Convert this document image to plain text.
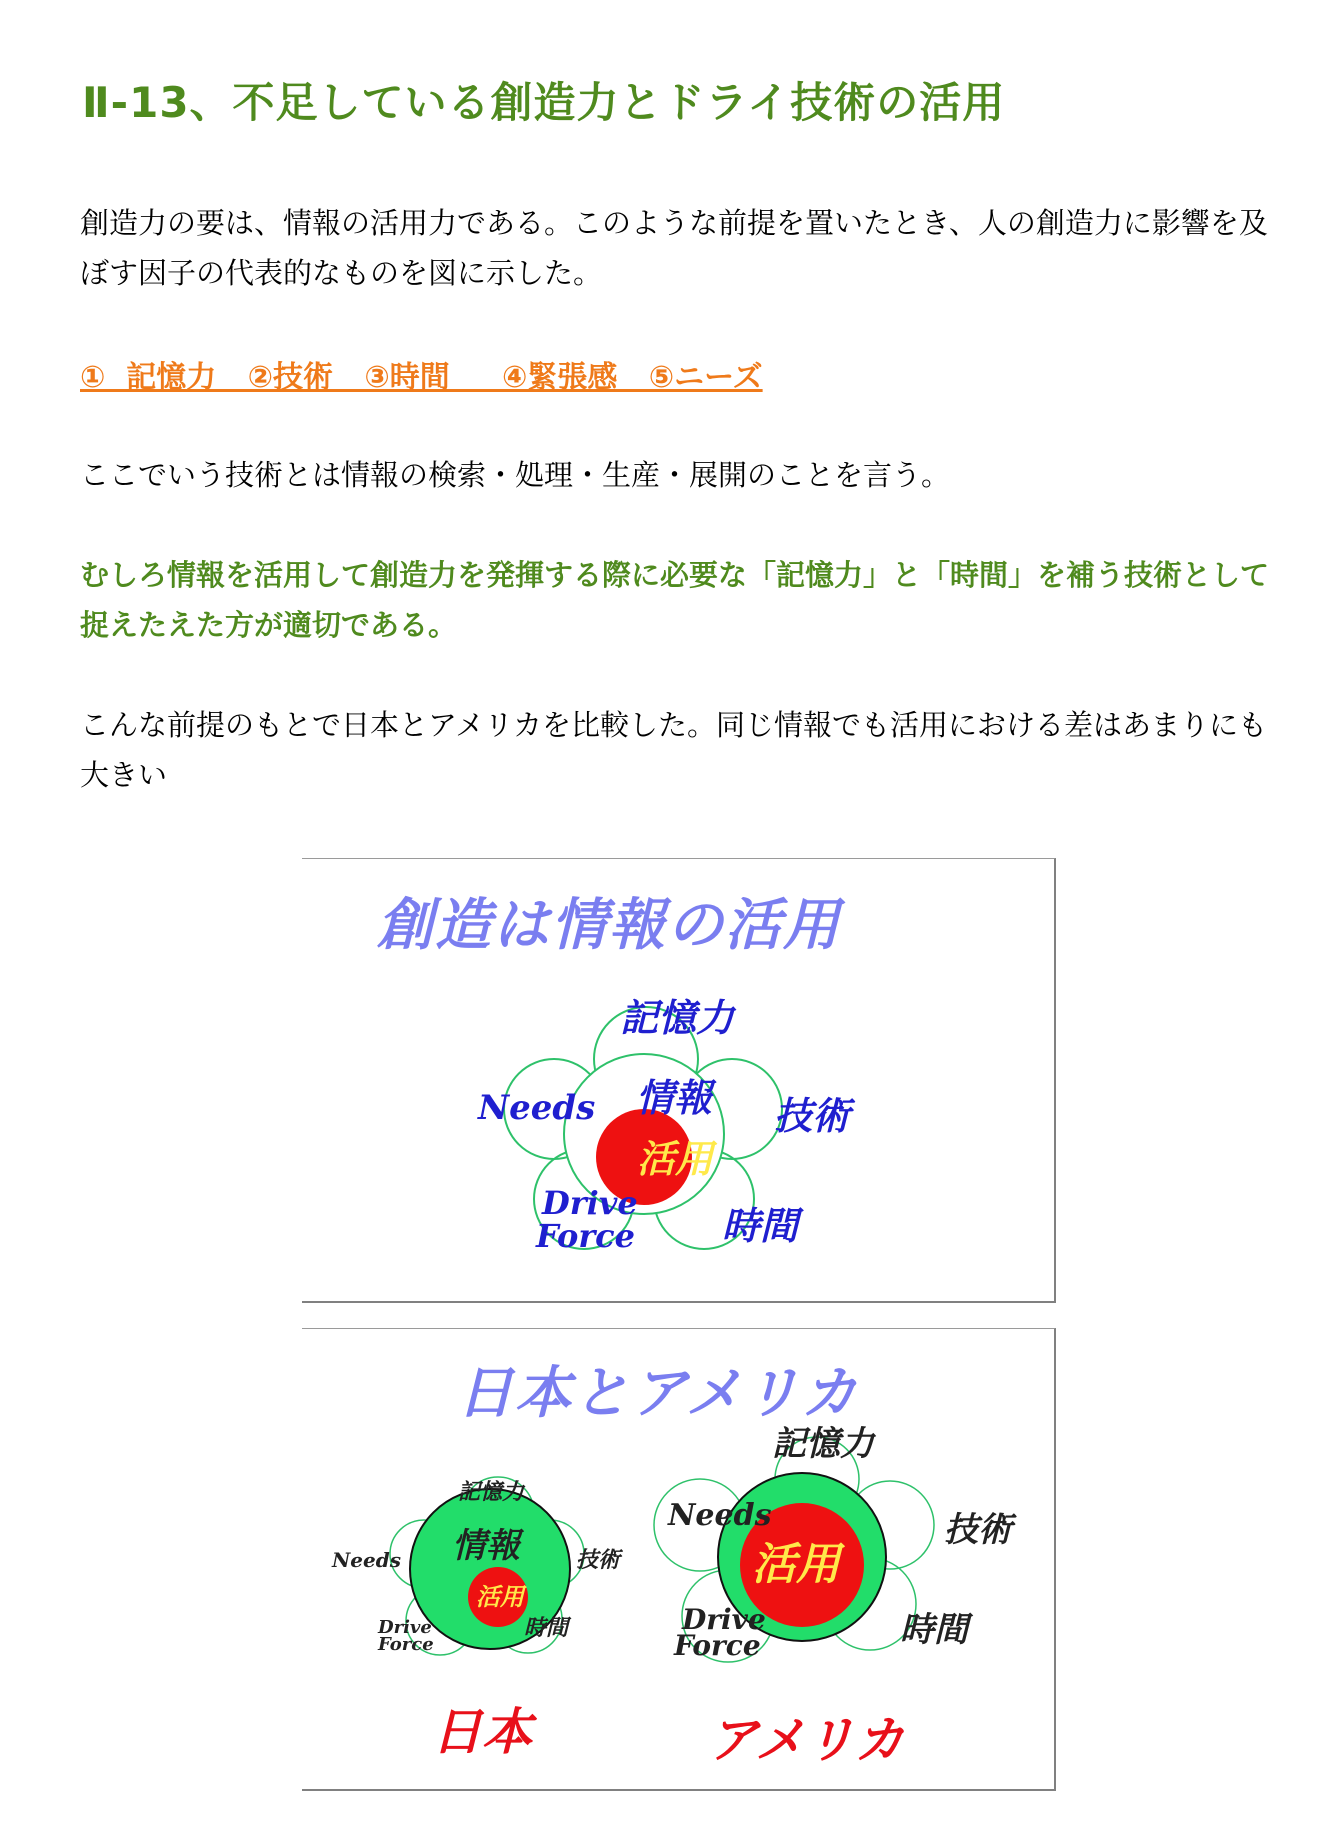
Ⅱ-13、不足している創造力とドライ技術の活用
創造力の要は、情報の活用力である。このような前提を置いたとき、人の創造力に影響を及ぼす因子の代表的なものを図に示した。
①  記憶力   ②技術   ③時間     ④緊張感   ⑤ニーズ
ここでいう技術とは情報の検索・処理・生産・展開のことを言う。
むしろ情報を活用して創造力を発揮する際に必要な「記憶力」と「時間」を補う技術として捉えたえた方が適切である。
こんな前提のもとで日本とアメリカを比較した。同じ情報でも活用における差はあまりにも大きい
創造は情報の活用
記憶力
技術
時間
Needs
Drive
Force
情報
活用
日本とアメリカ
記憶力
技術
時間
Needs
Drive
Force
情報
活用
日本
記憶力
技術
時間
Needs
Drive
Force
活用
アメリカ
